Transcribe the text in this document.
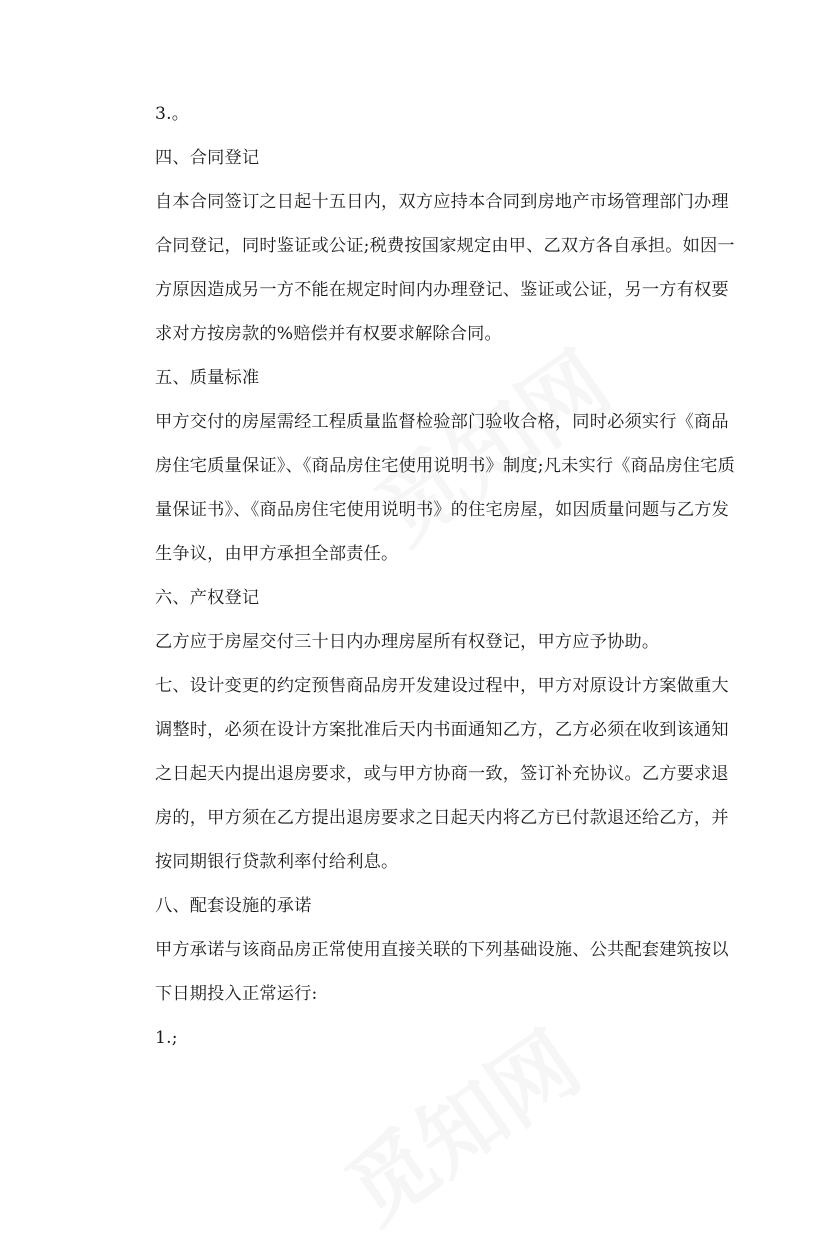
3.。

四、合同登记

自本合同签订之日起十五日内，双方应持本合同到房地产市场管理部门办理

合同登记，同时鉴证或公证;税费按国家规定由甲、乙双方各自承担。如因一

方原因造成另一方不能在规定时间内办理登记、鉴证或公证，另一方有权要

求对方按房款的%赔偿并有权要求解除合同。

五、质量标准

甲方交付的房屋需经工程质量监督检验部门验收合格，同时必须实行《商品

房住宅质量保证》、《商品房住宅使用说明书》制度;凡未实行《商品房住宅质

量保证书》、《商品房住宅使用说明书》的住宅房屋，如因质量问题与乙方发

生争议，由甲方承担全部责任。

六、产权登记

乙方应于房屋交付三十日内办理房屋所有权登记，甲方应予协助。

七、设计变更的约定预售商品房开发建设过程中，甲方对原设计方案做重大

调整时，必须在设计方案批准后天内书面通知乙方，乙方必须在收到该通知

之日起天内提出退房要求，或与甲方协商一致，签订补充协议。乙方要求退

房的，甲方须在乙方提出退房要求之日起天内将乙方已付款退还给乙方，并

按同期银行贷款利率付给利息。

八、配套设施的承诺

甲方承诺与该商品房正常使用直接关联的下列基础设施、公共配套建筑按以

下日期投入正常运行:

1.;
